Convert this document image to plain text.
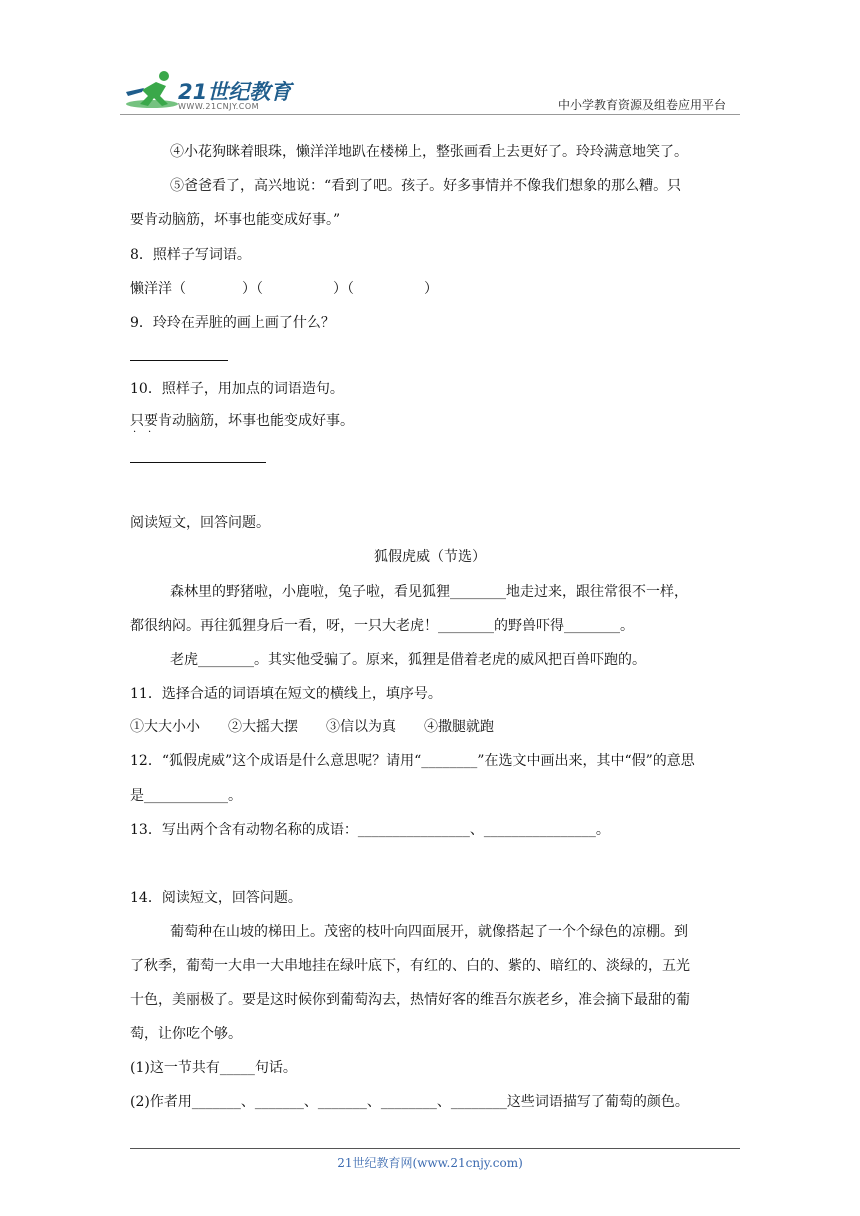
21世纪教育
WWW.21CNJY.COM	中小学教育资源及组卷应用平台
④小花狗眯着眼珠，懒洋洋地趴在楼梯上，整张画看上去更好了。玲玲满意地笑了。
⑤爸爸看了，高兴地说：“看到了吧。孩子。好多事情并不像我们想象的那么糟。只
要肯动脑筋，坏事也能变成好事。”
8．照样子写词语。
懒洋洋（　　　　）（　　　　　）（　　　　　）
9．玲玲在弄脏的画上画了什么？
10．照样子，用加点的词语造句。
只要肯动脑筋，坏事也能变成好事。
· ·
阅读短文，回答问题。
狐假虎威（节选）
森林里的野猪啦，小鹿啦，兔子啦，看见狐狸________地走过来，跟往常很不一样，
都很纳闷。再往狐狸身后一看，呀，一只大老虎！________的野兽吓得________。
老虎________。其实他受骗了。原来，狐狸是借着老虎的威风把百兽吓跑的。
11．选择合适的词语填在短文的横线上，填序号。
①大大小小　　②大摇大摆　　③信以为真　　④撒腿就跑
12．“狐假虎威”这个成语是什么意思呢？请用“________”在选文中画出来，其中“假”的意思
是____________。
13．写出两个含有动物名称的成语：________________、________________。
14．阅读短文，回答问题。
葡萄种在山坡的梯田上。茂密的枝叶向四面展开，就像搭起了一个个绿色的凉棚。到
了秋季，葡萄一大串一大串地挂在绿叶底下，有红的、白的、紫的、暗红的、淡绿的，五光
十色，美丽极了。要是这时候你到葡萄沟去，热情好客的维吾尔族老乡，准会摘下最甜的葡
萄，让你吃个够。
(1)这一节共有_____句话。
(2)作者用_______、_______、_______、________、________这些词语描写了葡萄的颜色。
21世纪教育网(www.21cnjy.com)
